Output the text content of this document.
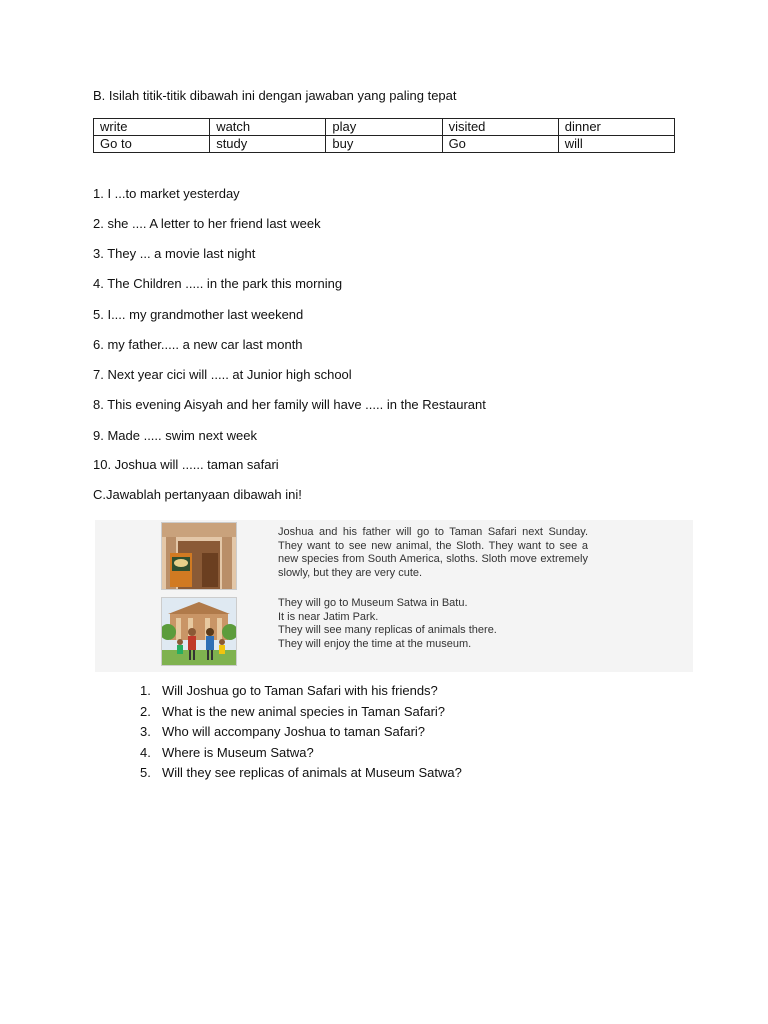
B. Isilah titik-titik dibawah ini dengan jawaban yang paling tepat
write	watch	play	visited	dinner
Go to	study	buy	Go	will
1. I ...to market yesterday
2. she .... A letter to her friend last week
3. They ... a movie last night
4. The Children ..... in the park this morning
5. I.... my grandmother last weekend
6. my father..... a new car last month
7. Next year cici will ..... at Junior high school
8. This evening Aisyah and her family will have ..... in the Restaurant
9. Made ..... swim next week
10. Joshua will ...... taman safari
C.Jawablah pertanyaan dibawah ini!
Joshua and his father will go to Taman Safari next Sunday. They want to see new animal, the Sloth. They want to see a new species from South America, sloths. Sloth move extremely slowly, but they are very cute.
They will go to Museum Satwa in Batu.
It is near Jatim Park.
They will see many replicas of animals there.
They will enjoy the time at the museum.
1. Will Joshua go to Taman Safari with his friends?
2. What is the new animal species in Taman Safari?
3. Who will accompany Joshua to taman Safari?
4. Where is Museum Satwa?
5. Will they see replicas of animals at Museum Satwa?
